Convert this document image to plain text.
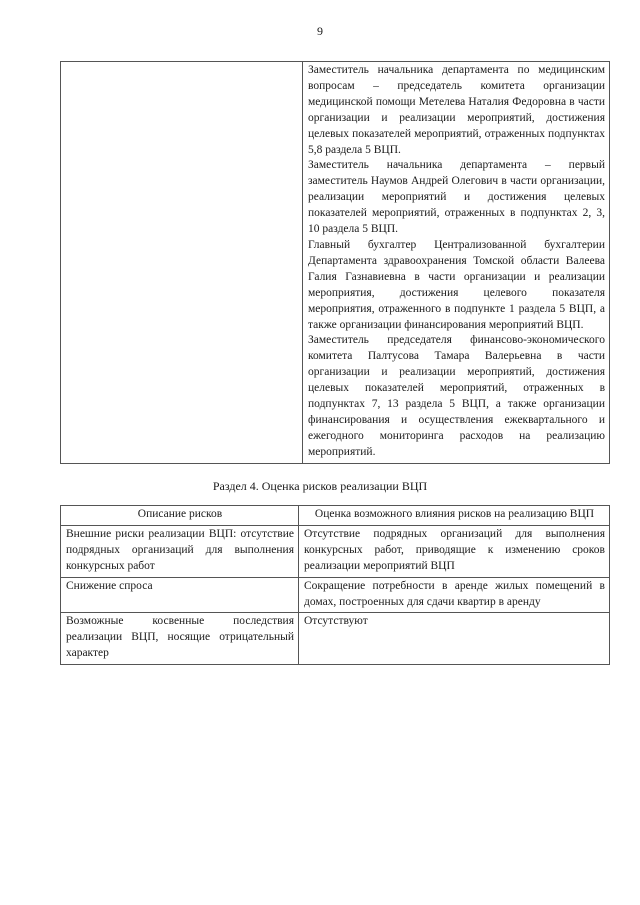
9

Заместитель начальника департамента по медицинским вопросам – председатель комитета организации медицинской помощи Метелева Наталия Федоровна в части организации и реализации мероприятий, достижения целевых показателей мероприятий, отраженных подпунктах 5,8 раздела 5 ВЦП.

Заместитель начальника департамента – первый заместитель Наумов Андрей Олегович в части организации, реализации мероприятий и достижения целевых показателей мероприятий, отраженных в подпунктах 2, 3, 10 раздела 5 ВЦП.

Главный бухгалтер Централизованной бухгалтерии Департамента здравоохранения Томской области Валеева Галия Газнавиевна в части организации и реализации мероприятия, достижения целевого показателя мероприятия, отраженного в подпункте 1 раздела 5 ВЦП, а также организации финансирования мероприятий ВЦП.

Заместитель председателя финансово-экономического комитета Палтусова Тамара Валерьевна в части организации и реализации мероприятий, достижения целевых показателей мероприятий, отраженных в подпунктах 7, 13 раздела 5 ВЦП, а также организации финансирования и осуществления ежеквартального и ежегодного мониторинга расходов на реализацию мероприятий.

Раздел 4. Оценка рисков реализации ВЦП
Описание рисков	Оценка возможного влияния рисков на реализацию ВЦП
Внешние риски реализации ВЦП: отсутствие подрядных организаций для выполнения конкурсных работ	Отсутствие подрядных организаций для выполнения конкурсных работ, приводящие к изменению сроков реализации мероприятий ВЦП
Снижение спроса	Сокращение потребности в аренде жилых помещений в домах, построенных для сдачи квартир в аренду
Возможные косвенные последствия реализации ВЦП, носящие отрицательный характер	Отсутствуют
